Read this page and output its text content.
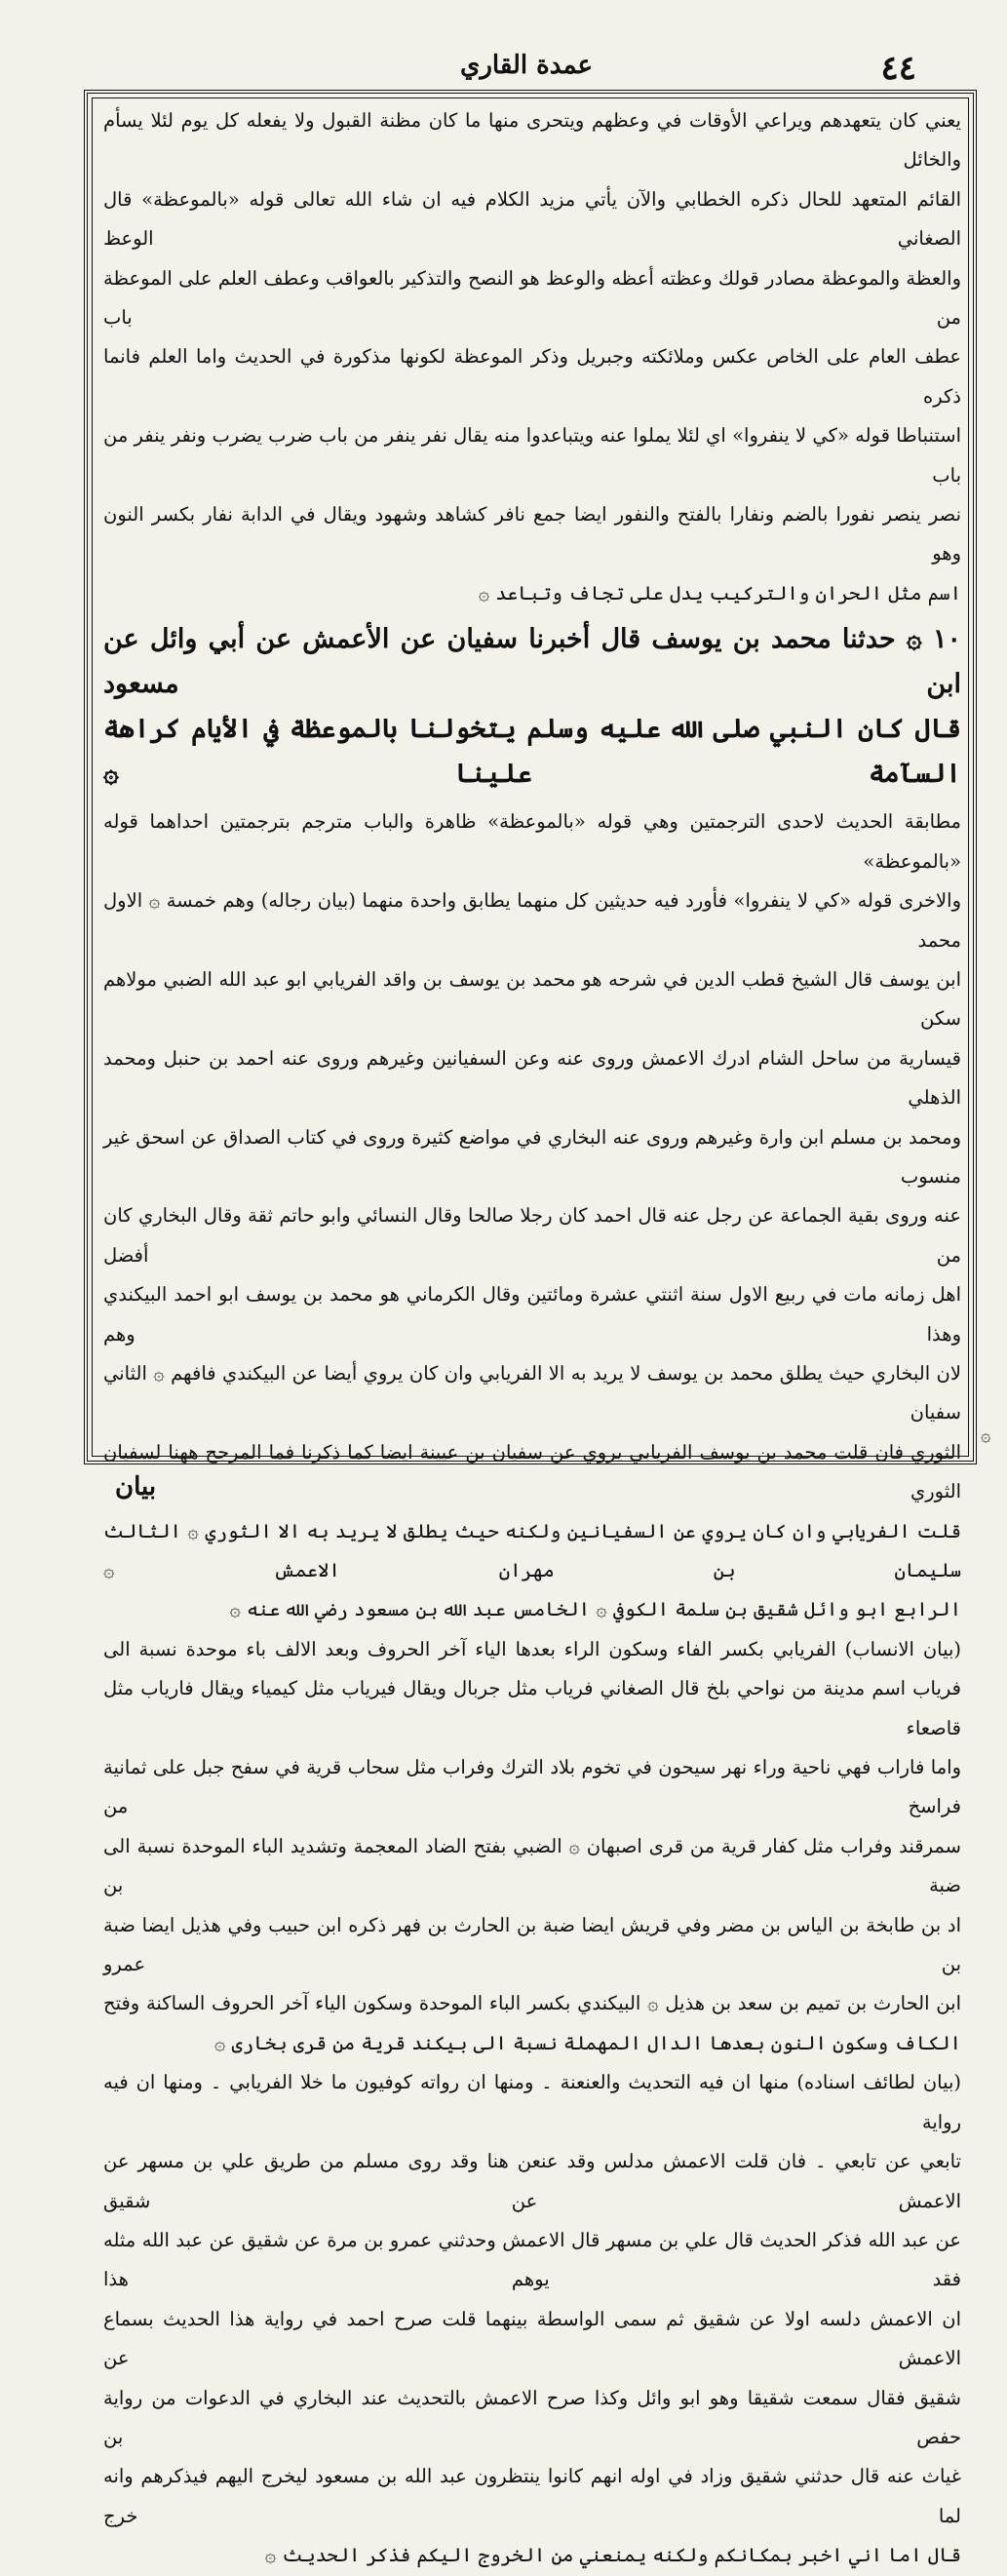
عمدة القاري	٤٤

يعني كان يتعهدهم ويراعي الأوقات في وعظهم ويتحرى منها ما كان مظنة القبول ولا يفعله كل يوم لئلا يسأم والخائل

القائم المتعهد للحال ذكره الخطابي والآن يأتي مزيد الكلام فيه ان شاء الله تعالى قوله «بالموعظة» قال الصغاني الوعظ

والعظة والموعظة مصادر قولك وعظته أعظه والوعظ هو النصح والتذكير بالعواقب وعطف العلم على الموعظة من باب

عطف العام على الخاص عكس وملائكته وجبريل وذكر الموعظة لكونها مذكورة في الحديث واما العلم فانما ذكره

استنباطا قوله «كي لا ينفروا» اي لئلا يملوا عنه ويتباعدوا منه يقال نفر ينفر من باب ضرب يضرب ونفر ينفر من باب

نصر ينصر نفورا بالضم ونفارا بالفتح والنفور ايضا جمع نافر كشاهد وشهود ويقال في الدابة نفار بكسر النون وهو

اسم مثل الحران والتركيب يدل على تجاف وتباعد ۞

١٠ ۞ حدثنا محمد بن يوسف قال أخبرنا سفيان عن الأعمش عن أبي وائل عن ابن مسعود

قال كان النبي صلى الله عليه وسلم يتخولنا بالموعظة في الأيام كراهة السآمة علينا ۞

مطابقة الحديث لاحدى الترجمتين وهي قوله «بالموعظة» ظاهرة والباب مترجم بترجمتين احداهما قوله «بالموعظة»

والاخرى قوله «كي لا ينفروا» فأورد فيه حديثين كل منهما يطابق واحدة منهما (بيان رجاله) وهم خمسة ۞ الاول محمد

ابن يوسف قال الشيخ قطب الدين في شرحه هو محمد بن يوسف بن واقد الفريابي ابو عبد الله الضبي مولاهم سكن

قيسارية من ساحل الشام ادرك الاعمش وروى عنه وعن السفيانين وغيرهم وروى عنه احمد بن حنبل ومحمد الذهلي

ومحمد بن مسلم ابن وارة وغيرهم وروى عنه البخاري في مواضع كثيرة وروى في كتاب الصداق عن اسحق غير منسوب

عنه وروى بقية الجماعة عن رجل عنه قال احمد كان رجلا صالحا وقال النسائي وابو حاتم ثقة وقال البخاري كان من أفضل

اهل زمانه مات في ربيع الاول سنة اثنتي عشرة ومائتين وقال الكرماني هو محمد بن يوسف ابو احمد البيكندي وهذا وهم

لان البخاري حيث يطلق محمد بن يوسف لا يريد به الا الفريابي وان كان يروي أيضا عن البيكندي فافهم ۞ الثاني سفيان

الثوري فان قلت محمد بن يوسف الفريابي يروي عن سفيان بن عيينة ايضا كما ذكرنا فما المرجح ههنا لسفيان الثوري

قلت الفريابي وان كان يروي عن السفيانين ولكنه حيث يطلق لا يريد به الا الثوري ۞ الثالث سليمان بن مهران الاعمش ۞

الرابع ابو وائل شقيق بن سلمة الكوفي ۞ الخامس عبد الله بن مسعود رضي الله عنه ۞

(بيان الانساب) الفريابي بكسر الفاء وسكون الراء بعدها الياء آخر الحروف وبعد الالف باء موحدة نسبة الى

فرياب اسم مدينة من نواحي بلخ قال الصغاني فرياب مثل جربال ويقال فيرياب مثل كيمياء ويقال فارياب مثل قاصعاء

واما فاراب فهي ناحية وراء نهر سيحون في تخوم بلاد الترك وفراب مثل سحاب قرية في سفح جبل على ثمانية فراسخ من

سمرقند وفراب مثل كفار قرية من قرى اصبهان ۞ الضبي بفتح الضاد المعجمة وتشديد الباء الموحدة نسبة الى ضبة بن

اد بن طابخة بن الياس بن مضر وفي قريش ايضا ضبة بن الحارث بن فهر ذكره ابن حبيب وفي هذيل ايضا ضبة بن عمرو

ابن الحارث بن تميم بن سعد بن هذيل ۞ البيكندي بكسر الباء الموحدة وسكون الياء آخر الحروف الساكنة وفتح

الكاف وسكون النون بعدها الدال المهملة نسبة الى بيكند قرية من قرى بخارى ۞

(بيان لطائف اسناده) منها ان فيه التحديث والعنعنة ۔ ومنها ان رواته كوفيون ما خلا الفريابي ۔ ومنها ان فيه رواية

تابعي عن تابعي ۔ فان قلت الاعمش مدلس وقد عنعن هنا وقد روى مسلم من طريق علي بن مسهر عن الاعمش عن شقيق

عن عبد الله فذكر الحديث قال علي بن مسهر قال الاعمش وحدثني عمرو بن مرة عن شقيق عن عبد الله مثله فقد يوهم هذا

ان الاعمش دلسه اولا عن شقيق ثم سمى الواسطة بينهما قلت صرح احمد في رواية هذا الحديث بسماع الاعمش عن

شقيق فقال سمعت شقيقا وهو ابو وائل وكذا صرح الاعمش بالتحديث عند البخاري في الدعوات من رواية حفص بن

غياث عنه قال حدثني شقيق وزاد في اوله انهم كانوا ينتظرون عبد الله بن مسعود ليخرج اليهم فيذكرهم وانه لما خرج

قال اما اني اخبر بمكانكم ولكنه يمنعني من الخروج اليكم فذكر الحديث ۞

۞
بيان
